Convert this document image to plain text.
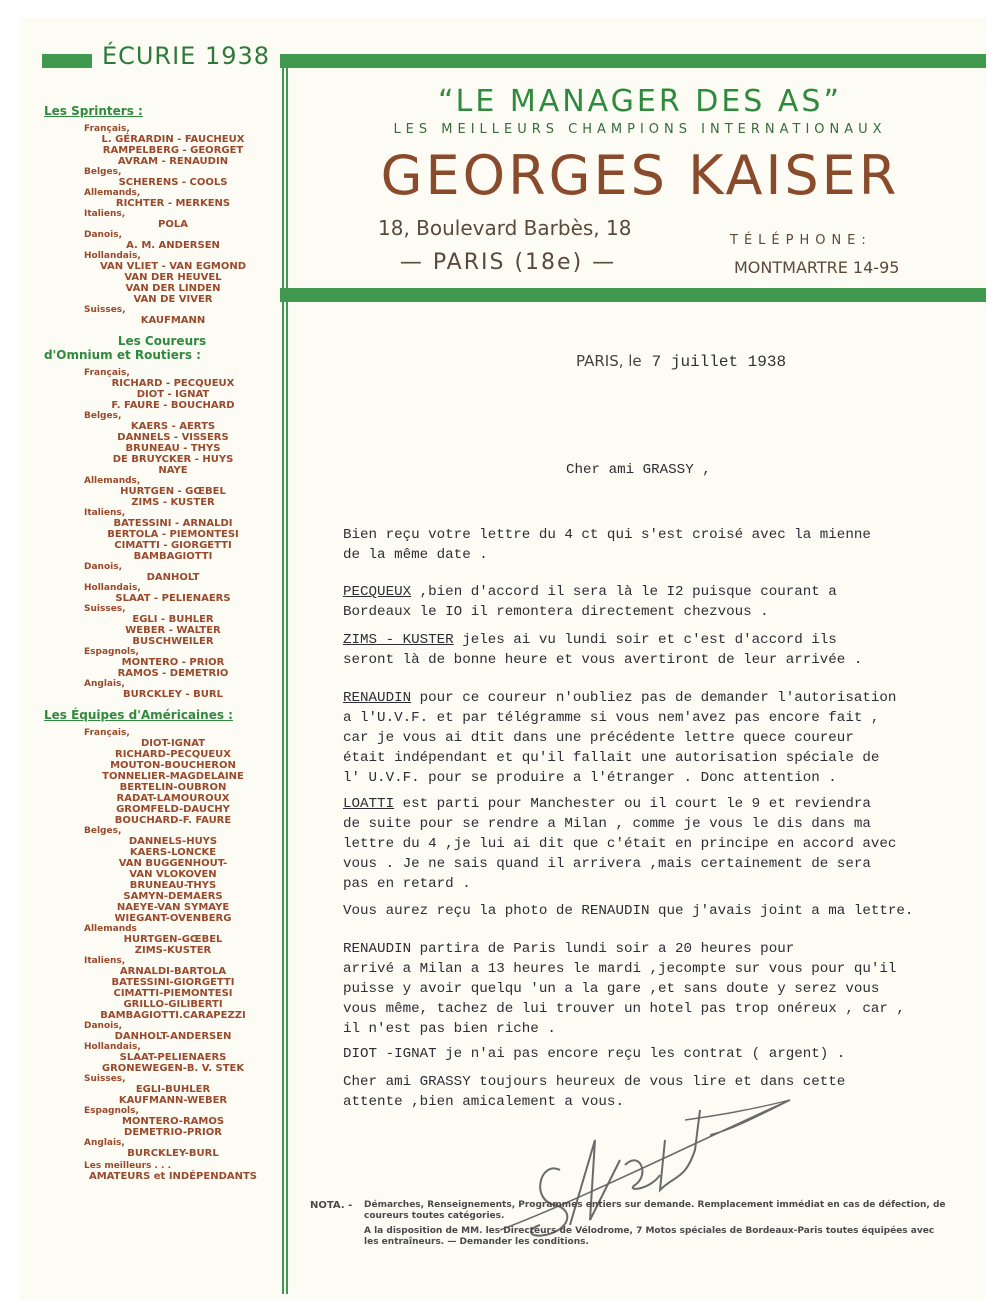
ÉCURIE 1938
“LE MANAGER DES AS”
LES MEILLEURS CHAMPIONS INTERNATIONAUX
GEORGES KAISER
18, Boulevard Barbès, 18
— PARIS (18e) —
TÉLÉPHONE:
MONTMARTRE 14-95
Les Sprinters :
Français,
L. GÉRARDIN - FAUCHEUX
RAMPELBERG - GEORGET
AVRAM - RENAUDIN
Belges,
SCHERENS - COOLS
Allemands,
RICHTER - MERKENS
Italiens,
POLA
Danois,
A. M. ANDERSEN
Hollandais,
VAN VLIET - VAN EGMOND
VAN DER HEUVEL
VAN DER LINDEN
VAN DE VIVER
Suisses,
KAUFMANN
Les Coureurs
d'Omnium et Routiers :
Français,
RICHARD - PECQUEUX
DIOT - IGNAT
F. FAURE - BOUCHARD
Belges,
KAERS - AERTS
DANNELS - VISSERS
BRUNEAU - THYS
DE BRUYCKER - HUYS
NAYE
Allemands,
HURTGEN - GŒBEL
ZIMS - KUSTER
Italiens,
BATESSINI - ARNALDI
BERTOLA - PIEMONTESI
CIMATTI - GIORGETTI
BAMBAGIOTTI
Danois,
DANHOLT
Hollandais,
SLAAT - PELIENAERS
Suisses,
EGLI - BUHLER
WEBER - WALTER
BUSCHWEILER
Espagnols,
MONTERO - PRIOR
RAMOS - DEMETRIO
Anglais,
BURCKLEY - BURL
Les Équipes d'Américaines :
Français,
DIOT-IGNAT
RICHARD-PECQUEUX
MOUTON-BOUCHERON
TONNELIER-MAGDELAINE
BERTELIN-OUBRON
RADAT-LAMOUROUX
GROMFELD-DAUCHY
BOUCHARD-F. FAURE
Belges,
DANNELS-HUYS
KAERS-LONCKE
VAN BUGGENHOUT-
VAN VLOKOVEN
BRUNEAU-THYS
SAMYN-DEMAERS
NAEYE-VAN SYMAYE
WIEGANT-OVENBERG
Allemands
HURTGEN-GŒBEL
ZIMS-KUSTER
Italiens,
ARNALDI-BARTOLA
BATESSINI-GIORGETTI
CIMATTI-PIEMONTESI
GRILLO-GILIBERTI
BAMBAGIOTTI.CARAPEZZI
Danois,
DANHOLT-ANDERSEN
Hollandais,
SLAAT-PELIENAERS
GRONEWEGEN-B. V. STEK
Suisses,
EGLI-BUHLER
KAUFMANN-WEBER
Espagnols,
MONTERO-RAMOS
DEMETRIO-PRIOR
Anglais,
BURCKLEY-BURL
Les meilleurs . . .
AMATEURS et INDÉPENDANTS
PARIS, le 7 juillet 1938
Cher ami GRASSY ,
Bien reçu votre lettre du 4 ct qui s'est croisé avec la mienne
de la même date .
PECQUEUX ,bien d'accord il sera là le I2 puisque courant a
Bordeaux le IO il remontera directement chezvous .
ZIMS - KUSTER jeles ai vu lundi soir et c'est d'accord ils
seront là de bonne heure et vous avertiront de leur arrivée .
RENAUDIN pour ce coureur n'oubliez pas de demander l'autorisation
a l'U.V.F. et par télégramme si vous nem'avez pas encore fait ,
car je vous ai dtit dans une précédente lettre quece coureur
était indépendant et qu'il fallait une autorisation spéciale de
l' U.V.F. pour se produire a l'étranger . Donc attention .
LOATTI est parti pour Manchester ou il court le 9 et reviendra
de suite pour se rendre a Milan , comme je vous le dis dans ma
lettre du 4 ,je lui ai dit que c'était en principe en accord avec
vous . Je ne sais quand il arrivera ,mais certainement de sera
pas en retard .
Vous aurez reçu la photo de RENAUDIN que j'avais joint a ma lettre.
RENAUDIN partira de Paris lundi soir a 20 heures pour
arrivé a Milan a 13 heures le mardi ,jecompte sur vous pour qu'il
puisse y avoir quelqu 'un a la gare ,et sans doute y serez vous
vous même, tachez de lui trouver un hotel pas trop onéreux , car ,
il n'est pas bien riche .
DIOT -IGNAT je n'ai pas encore reçu les contrat ( argent) .
Cher ami GRASSY toujours heureux de vous lire et dans cette
attente ,bien amicalement a vous.
NOTA. - Démarches, Renseignements, Programmes entiers sur demande. Remplacement immédiat en cas de défection, de
coureurs toutes catégories.
A la disposition de MM. les Directeurs de Vélodrome, 7 Motos spéciales de Bordeaux-Paris toutes équipées avec
les entraîneurs. — Demander les conditions.
